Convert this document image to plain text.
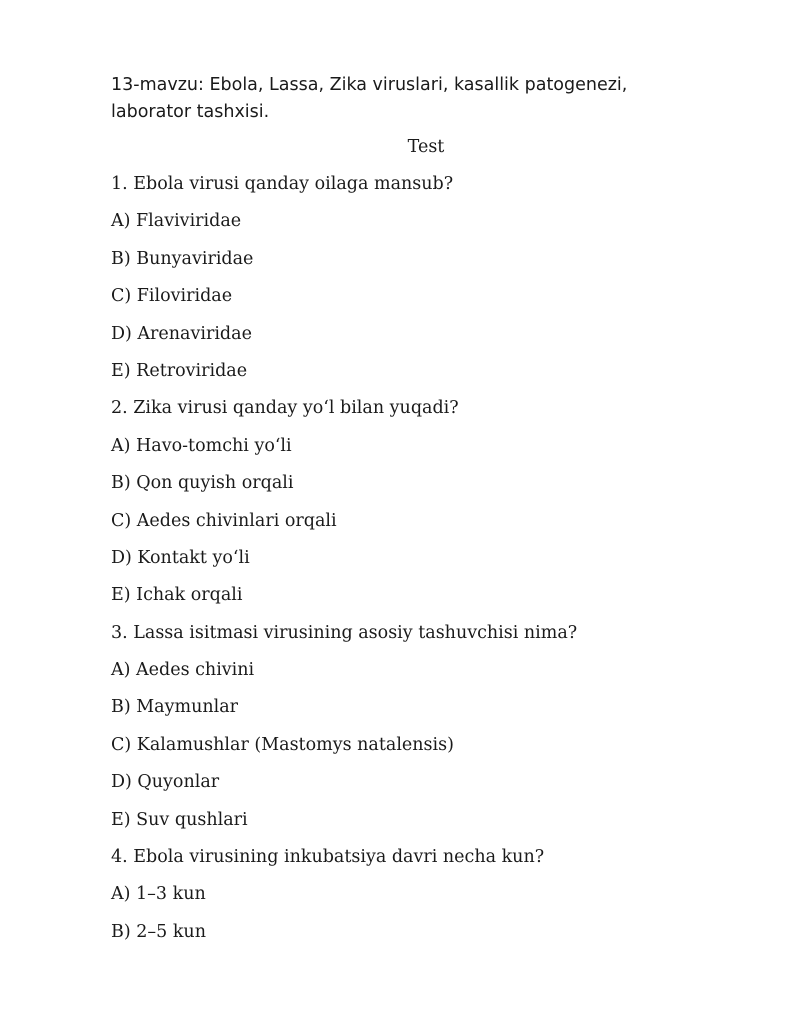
13-mavzu: Ebola, Lassa, Zika viruslari, kasallik patogenezi, laborator tashxisi.
Test
1. Ebola virusi qanday oilaga mansub?
A) Flaviviridae
B) Bunyaviridae
C) Filoviridae
D) Arenaviridae
E) Retroviridae
2. Zika virusi qanday yo‘l bilan yuqadi?
A) Havo-tomchi yo‘li
B) Qon quyish orqali
C) Aedes chivinlari orqali
D) Kontakt yo‘li
E) Ichak orqali
3. Lassa isitmasi virusining asosiy tashuvchisi nima?
A) Aedes chivini
B) Maymunlar
C) Kalamushlar (Mastomys natalensis)
D) Quyonlar
E) Suv qushlari
4. Ebola virusining inkubatsiya davri necha kun?
A) 1–3 kun
B) 2–5 kun
